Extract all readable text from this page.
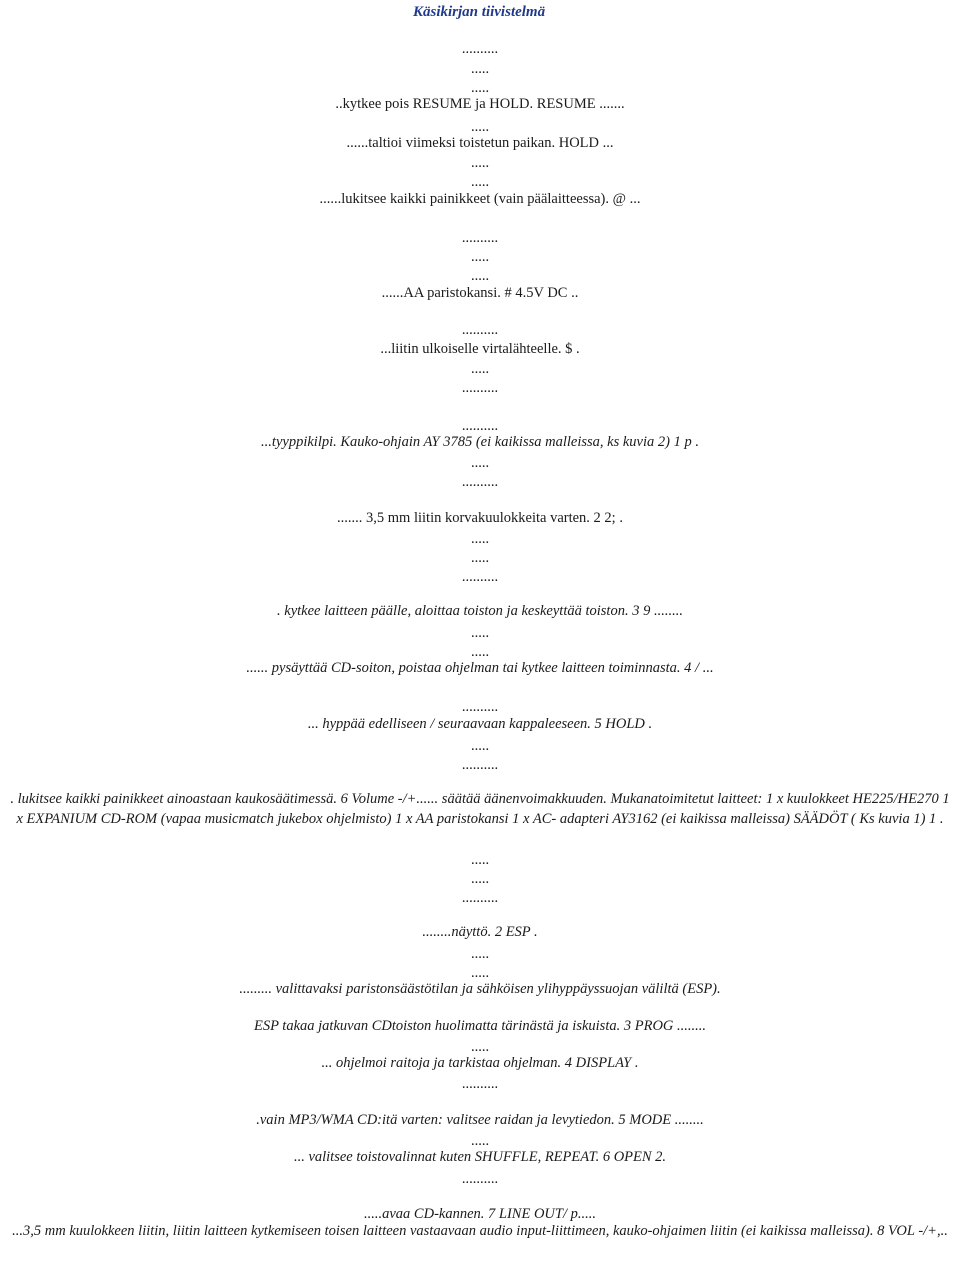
Käsikirjan tiivistelmä
..........
.....
.....
..kytkee pois RESUME ja HOLD. RESUME .......
.....
......taltioi viimeksi toistetun paikan. HOLD ...
.....
.....
......lukitsee kaikki painikkeet (vain päälaitteessa). @ ...
..........
.....
.....
......AA paristokansi. # 4.5V DC ..
..........
...liitin ulkoiselle virtalähteelle. $ .
.....
..........
..........
...tyyppikilpi. Kauko-ohjain AY 3785 (ei kaikissa malleissa, ks kuvia 2) 1 p .
.....
..........
....... 3,5 mm liitin korvakuulokkeita varten. 2 2; .
.....
.....
..........
. kytkee laitteen päälle, aloittaa toiston ja keskeyttää toiston. 3 9 ........
.....
.....
...... pysäyttää CD-soiton, poistaa ohjelman tai kytkee laitteen toiminnasta. 4 / ...
..........
... hyppää edelliseen / seuraavaan kappaleeseen. 5 HOLD .
.....
..........
. lukitsee kaikki painikkeet ainoastaan kaukosäätimessä. 6 Volume -/+...... säätää äänenvoimakkuuden. Mukanatoimitetut laitteet: 1 x kuulokkeet HE225/HE270 1 x EXPANIUM CD-ROM (vapaa musicmatch jukebox ohjelmisto) 1 x AA paristokansi 1 x AC- adapteri AY3162 (ei kaikissa malleissa) SÄÄDÖT ( Ks kuvia 1) 1 .
.....
.....
..........
........näyttö. 2 ESP .
.....
.....
......... valittavaksi paristonsäästötilan ja sähköisen ylihyppäyssuojan väliltä (ESP).
ESP takaa jatkuvan CDtoiston huolimatta tärinästä ja iskuista. 3 PROG ........
.....
... ohjelmoi raitoja ja tarkistaa ohjelman. 4 DISPLAY .
..........
.vain MP3/WMA CD:itä varten: valitsee raidan ja levytiedon. 5 MODE ........
.....
... valitsee toistovalinnat kuten SHUFFLE, REPEAT. 6 OPEN 2.
..........
.....avaa CD-kannen. 7 LINE OUT/ p.....
...3,5 mm kuulokkeen liitin, liitin laitteen kytkemiseen toisen laitteen vastaavaan audio input-liittimeen, kauko-ohjaimen liitin (ei kaikissa malleissa). 8 VOL -/+,..
